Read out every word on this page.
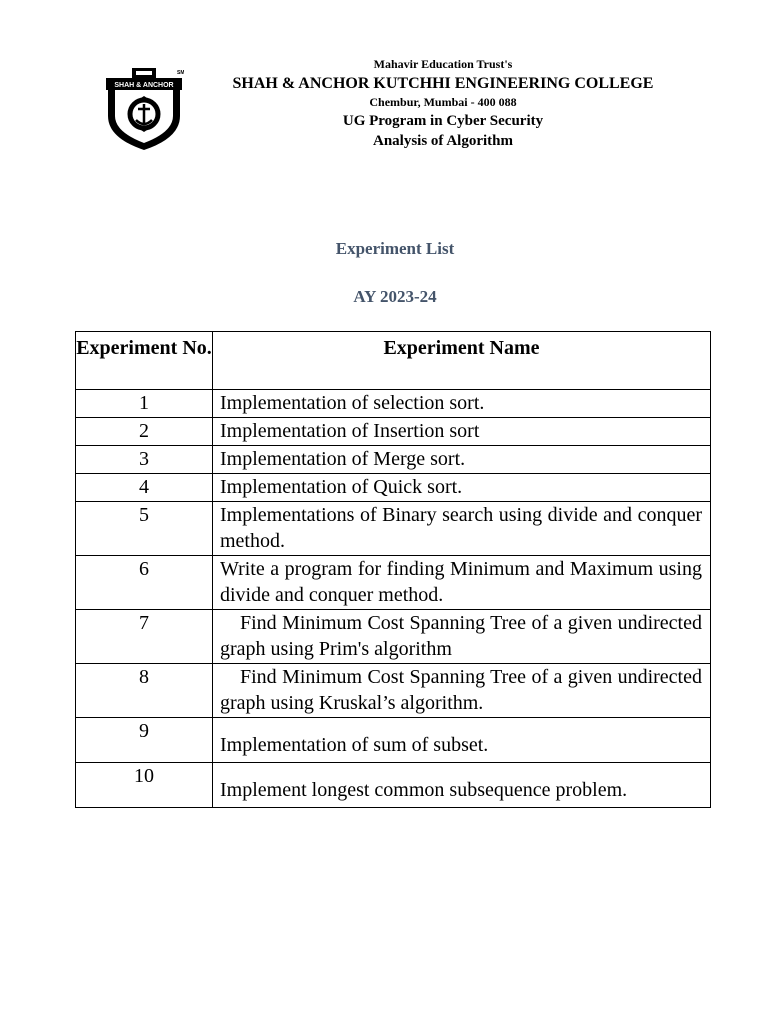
SHAH & ANCHOR
SM
Mahavir Education Trust's
SHAH & ANCHOR KUTCHHI ENGINEERING COLLEGE
Chembur, Mumbai - 400 088
UG Program in Cyber Security
Analysis of Algorithm
Experiment List
AY 2023-24
Experiment No.	Experiment Name
1	Implementation of selection sort.
2	Implementation of Insertion sort
3	Implementation of Merge sort.
4	Implementation of Quick sort.
5	Implementations of Binary search using divide and conquer method.
6	Write a program for finding Minimum and Maximum using divide and conquer method.
7	Find Minimum Cost Spanning Tree of a given undirected graph using Prim's algorithm
8	Find Minimum Cost Spanning Tree of a given undirected graph using Kruskal’s algorithm.
9	Implementation of sum of subset.
10	Implement longest common subsequence problem.
